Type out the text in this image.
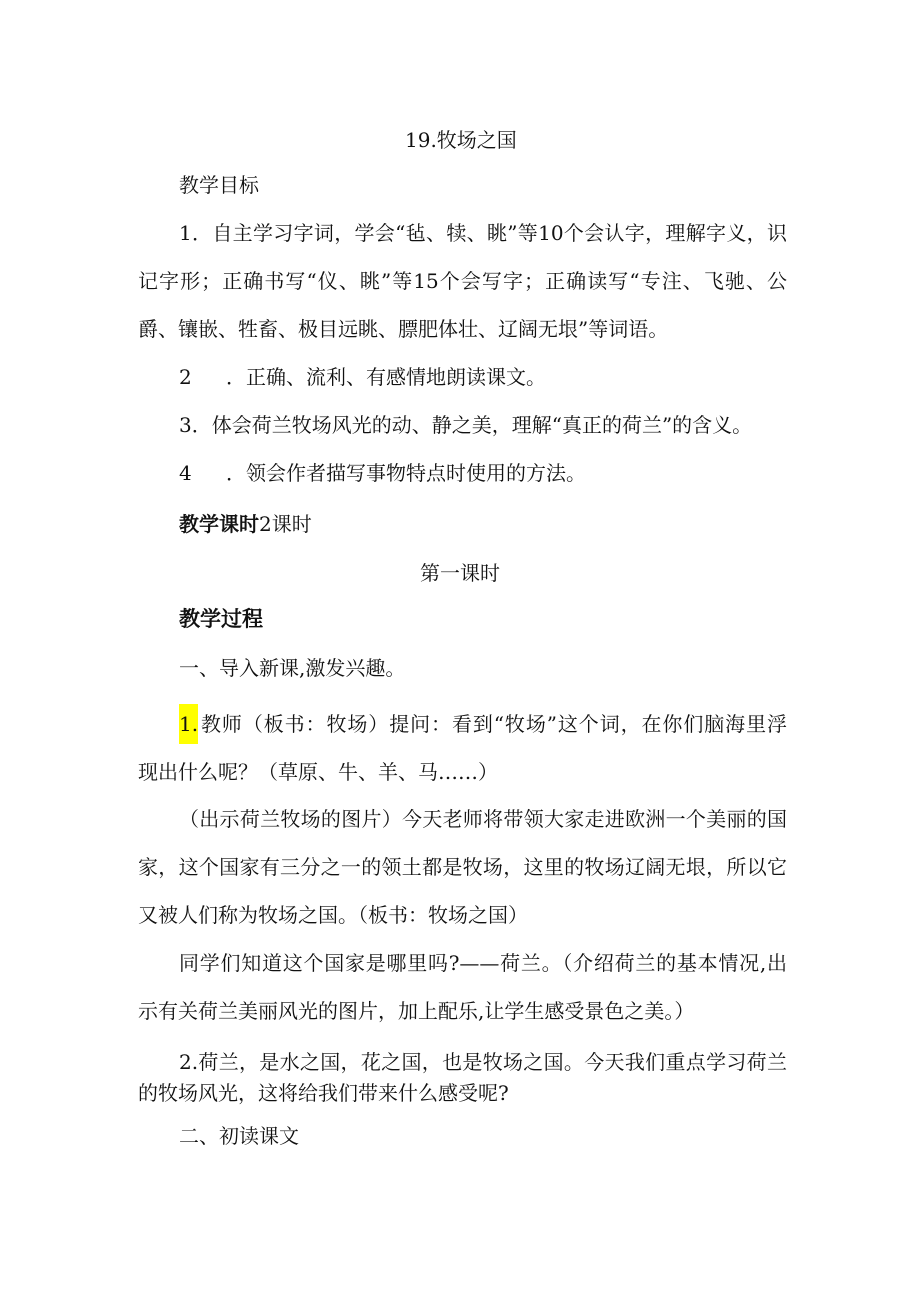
19.牧场之国
教学目标
1．自主学习字词，学会“毡、犊、眺”等10个会认字，理解字义，识
记字形；正确书写“仪、眺”等15个会写字；正确读写“专注、飞驰、公
爵、镶嵌、牲畜、极目远眺、膘肥体壮、辽阔无垠”等词语。
2 ．正确、流利、有感情地朗读课文。
3．体会荷兰牧场风光的动、静之美，理解“真正的荷兰”的含义。
4 ．领会作者描写事物特点时使用的方法。
教学课时2课时
第一课时
教学过程
一、导入新课,激发兴趣。
1. 教师（板书：牧场）提问：看到“牧场”这个词，在你们脑海里浮
现出什么呢？（草原、牛、羊、马……）
（出示荷兰牧场的图片）今天老师将带领大家走进欧洲一个美丽的国
家，这个国家有三分之一的领土都是牧场，这里的牧场辽阔无垠，所以它
又被人们称为牧场之国。（板书：牧场之国）
同学们知道这个国家是哪里吗?——荷兰。（介绍荷兰的基本情况,出
示有关荷兰美丽风光的图片，加上配乐,让学生感受景色之美。）
2.荷兰，是水之国，花之国，也是牧场之国。今天我们重点学习荷兰
的牧场风光，这将给我们带来什么感受呢?
二、初读课文
